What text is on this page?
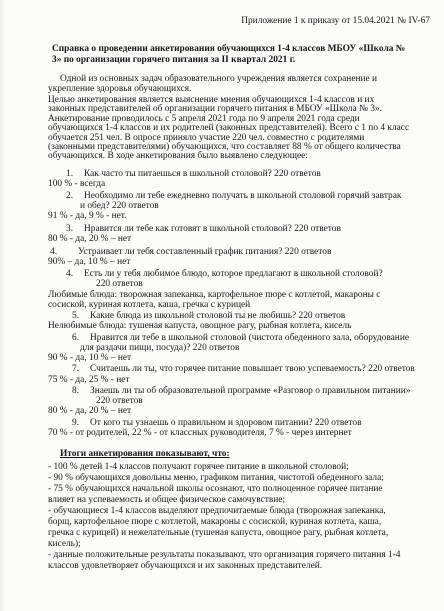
Приложение 1 к приказу от 15.04.2021 № IV-67
Справка о проведении анкетирования обучающихся 1-4 классов МБОУ «Школа №
3» по организации горячего питания за II квартал 2021 г.
Одной из основных задач образовательного учреждения является сохранение и
укрепление здоровья обучающихся.
Целью анкетирования является выяснение мнения обучающихся 1-4 классов и их
законных представителей об организации горячего питания в МБОУ «Школа № 3».
Анкетирование проводилось с 5 апреля 2021 года по 9 апреля 2021 года среди
обучающихся 1-4 классов и их родителей (законных представителей). Всего с 1 по 4 класс
обучается 251 чел. В опросе приняло участие 220 чел. совместно с родителями
(законными представителями) обучающихся, что составляет 88 % от общего количества
обучающихся. В ходе анкетирования было выявлено следующее:
1. Как часто ты питаешься в школьной столовой? 220 ответов
100 % - всегда
2. Необходимо ли тебе ежедневно получать в школьной столовой горячий завтрак
и обед? 220 ответов
91 % - да, 9 % - нет.
3. Нравится ли тебе как готовят в школьной столовой? 220 ответов
80 % - да, 20 % – нет
4. Устраивает ли тебя составленный график питания? 220 ответов
90% – да, 10 % – нет
4. Есть ли у тебя любимое блюдо, которое предлагают в школьной столовой?
220 ответов
Любимые блюда: творожная запеканка, картофельное пюре с котлетой, макароны с
сосиской, куриная котлета, каша, гречка с курицей
5. Какие блюда из школьной столовой ты не любишь? 220 ответов
Нелюбимые блюда: тушеная капуста, овощное рагу, рыбная котлета, кисель
6. Нравится ли тебе в школьной столовой (чистота обеденного зала, оборудование
для раздачи пищи, посуда)? 220 ответов
90 % - да, 10 % – нет
7. Считаешь ли ты, что горячее питание повышает твою успеваемость? 220 ответов
75 % - да, 25 % - нет
8. Знаешь ли ты об образовательной программе «Разговор о правильном питании»
220 ответов
80 % - да, 20 % – нет
9. От кого ты узнаешь о правильном и здоровом питании? 220 ответов
70 % - от родителей, 22 % - от классных руководителя, 7 % - через интернет
Итоги анкетирования показывают, что:
- 100 % детей 1-4 классов получают горячее питание в школьной столовой;
- 90 % обучающихся довольны меню, графиком питания, чистотой обеденного зала;
- 75 % обучающихся начальной школы осознают, что полноценное горячее питание
влияет на успеваемость и общее физическое самочувствие;
- обучающиеся 1-4 классов выделяют предпочитаемые блюда (творожная запеканка,
борщ, картофельное пюре с котлетой, макароны с сосиской, куриная котлета, каша,
гречка с курицей) и нежелательные (тушеная капуста, овощное рагу, рыбная котлета,
кисель);
- данные положительные результаты показывают, что организация горячего питания 1-4
классов удовлетворяет обучающихся и их законных представителей.
